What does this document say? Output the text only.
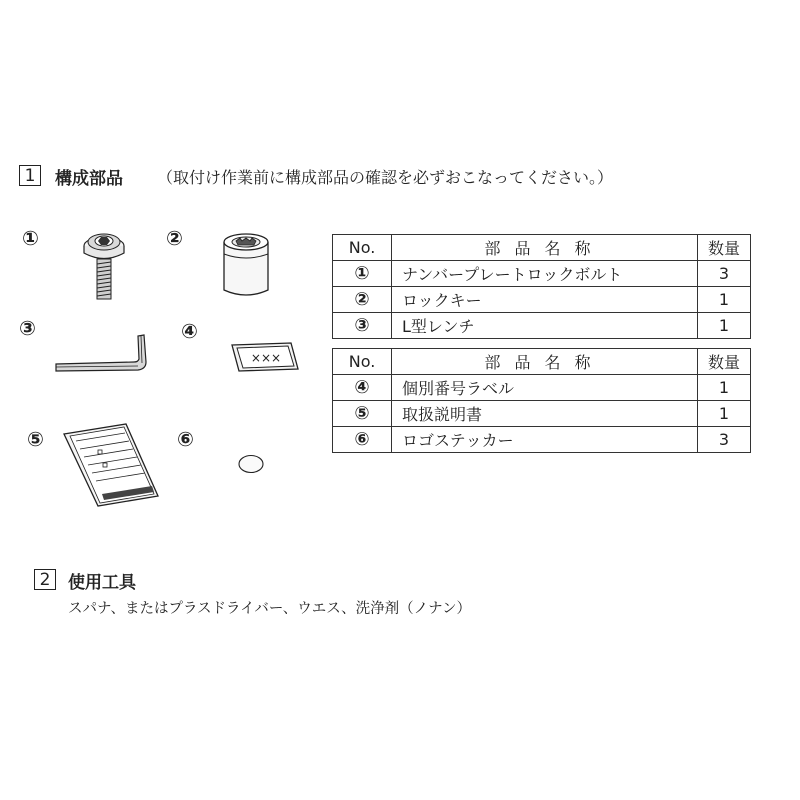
1	構成部品 （取付け作業前に構成部品の確認を必ずおこなってください。）
①	②
③	④
⑤	⑥
×××
No.	部品名称	数量
①	ナンバープレートロックボルト	3
②	ロックキー	1
③	L型レンチ	1
No.	部品名称	数量
④	個別番号ラベル	1
⑤	取扱説明書	1
⑥	ロゴステッカー	3
2	使用工具
スパナ、またはプラスドライバー、ウエス、洗浄剤（ノナン）
